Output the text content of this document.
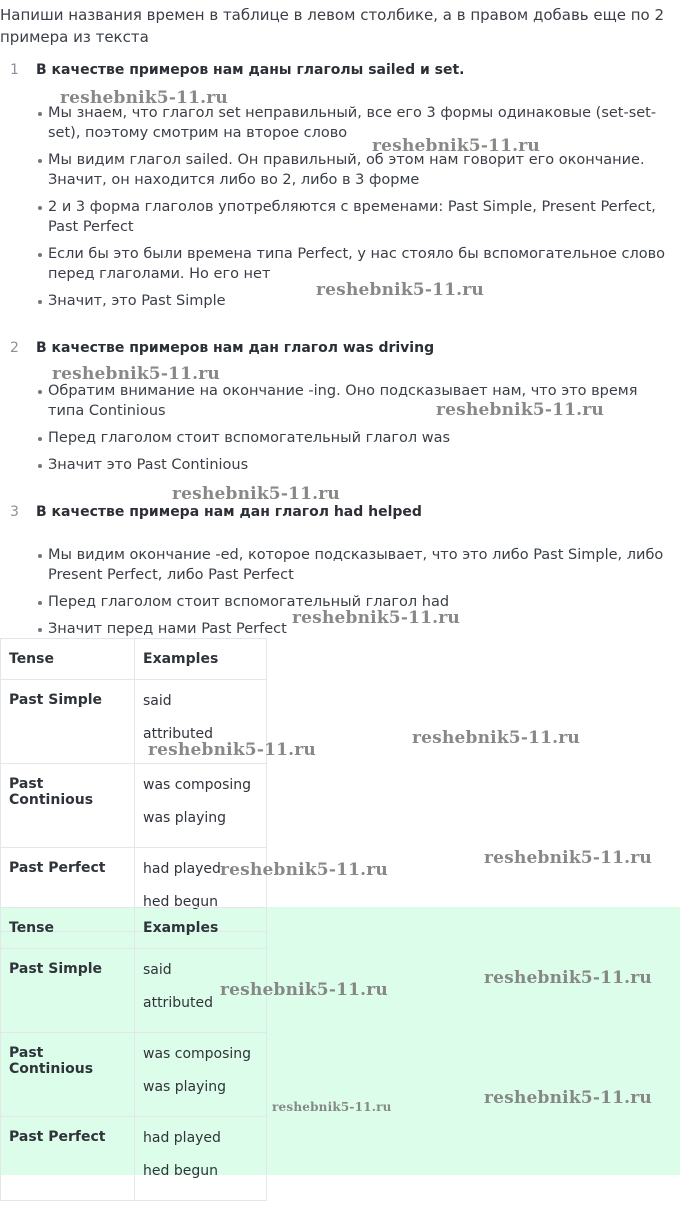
Напиши названия времен в таблице в левом столбике, а в правом добавь еще по 2 примера из текста
1 В качестве примеров нам даны глаголы sailed и set.
Мы знаем, что глагол set неправильный, все его 3 формы одинаковые (set-set-set), поэтому смотрим на второе слово
Мы видим глагол sailed. Он правильный, об этом нам говорит его окончание. Значит, он находится либо во 2, либо в 3 форме
2 и 3 форма глаголов употребляются с временами: Past Simple, Present Perfect, Past Perfect
Если бы это были времена типа Perfect, у нас стояло бы вспомогательное слово перед глаголами. Но его нет
Значит, это Past Simple
2 В качестве примеров нам дан глагол was driving
Обратим внимание на окончание -ing. Оно подсказывает нам, что это время типа Continious
Перед глаголом стоит вспомогательный глагол was
Значит это Past Continious
3 В качестве примера нам дан глагол had helped
Мы видим окончание -ed, которое подсказывает, что это либо Past Simple, либо Present Perfect, либо Past Perfect
Перед глаголом стоит вспомогательный глагол had
Значит перед нами Past Perfect
Tense	Examples
Past Simple	said
attributed

Past Continious	was composing
was playing

Past Perfect	had played
hed begun
Tense	Examples
Past Simple	said
attributed

Past Continious	was composing
was playing

Past Perfect	had played
hed begun
reshebnik5-11.ru
reshebnik5-11.ru
reshebnik5-11.ru
reshebnik5-11.ru
reshebnik5-11.ru
reshebnik5-11.ru
reshebnik5-11.ru
reshebnik5-11.ru
reshebnik5-11.ru
reshebnik5-11.ru
reshebnik5-11.ru
reshebnik5-11.ru
reshebnik5-11.ru
reshebnik5-11.ru
reshebnik5-11.ru
